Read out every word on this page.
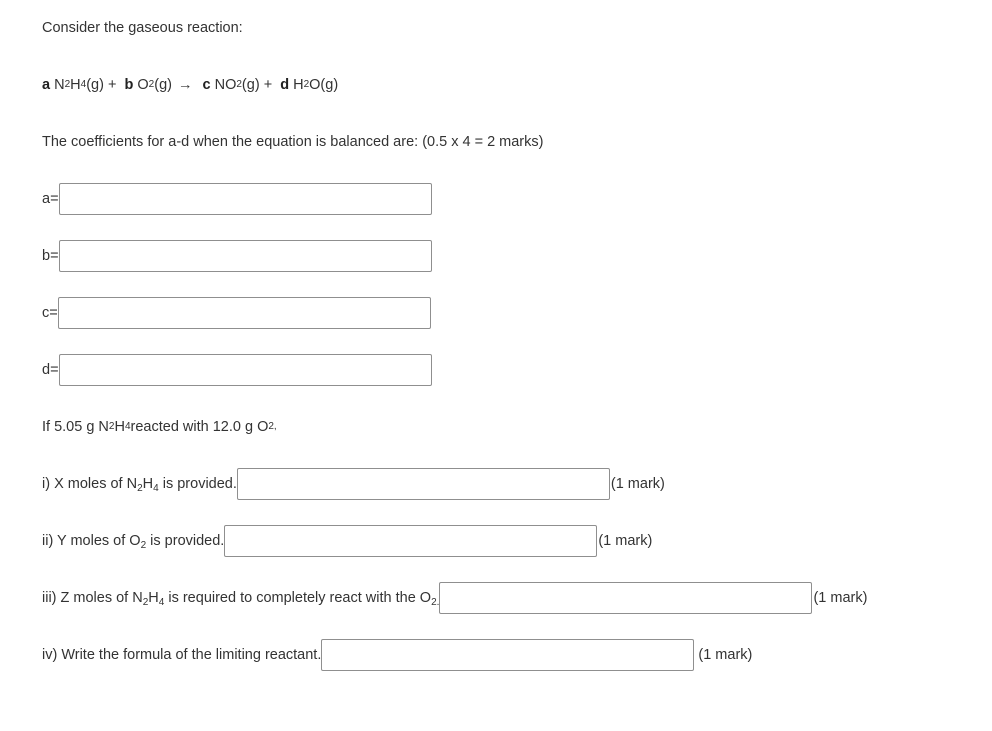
Consider the gaseous reaction:
a
N 2 H 4 (g)
+
b
O 2 (g) →
c
NO 2 (g)
+
d
H 2 O(g)
The coefficients for a-d when the equation is balanced are: (0.5 x 4 = 2 marks)
a=
b=
c=
d=
If 5.05 g N 2 H 4 reacted with 12.0 g O 2,
i) X moles of $N_2H_4$ is provided.	(1 mark)
ii) Y moles of $O_2$ is provided.	(1 mark)
iii) Z moles of $N_2H_4$ is required to completely react with the $O_{2.}$	(1 mark)
iv) Write the formula of the limiting reactant.	(1 mark)
